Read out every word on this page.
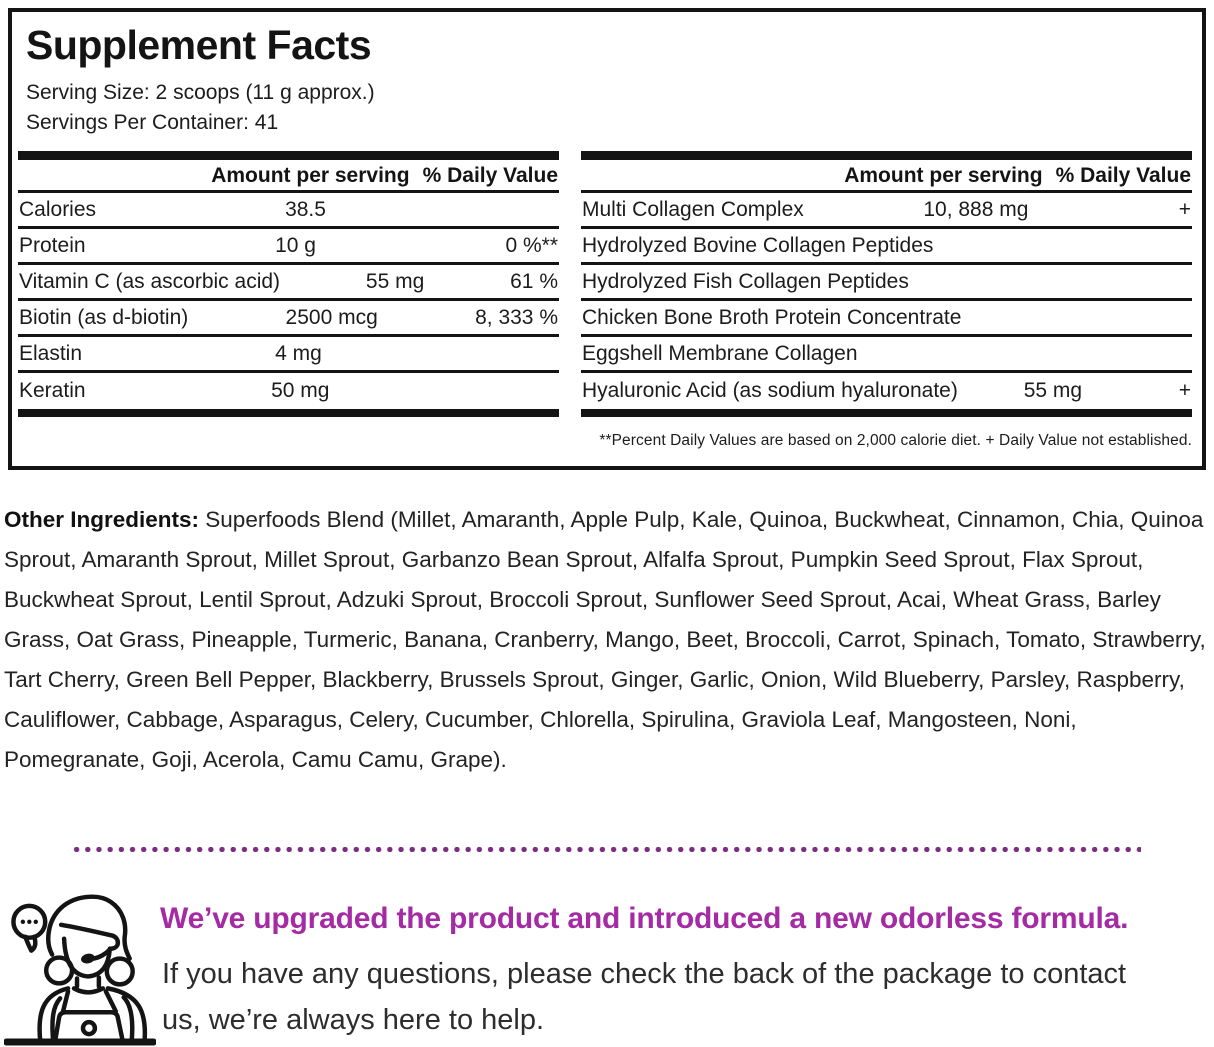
Supplement Facts
Serving Size: 2 scoops (11 g approx.)
Servings Per Container: 41
Amount per serving % Daily Value
Calories	38.5
Protein	10 g	0 %**
Vitamin C (as ascorbic acid)	55 mg	61 %
Biotin (as d-biotin)	2500 mcg	8, 333 %
Elastin	4 mg
Keratin	50 mg
Amount per serving % Daily Value
Multi Collagen Complex	10, 888 mg	+
Hydrolyzed Bovine Collagen Peptides
Hydrolyzed Fish Collagen Peptides
Chicken Bone Broth Protein Concentrate
Eggshell Membrane Collagen
Hyaluronic Acid (as sodium hyaluronate)	55 mg	+
**Percent Daily Values are based on 2,000 calorie diet. + Daily Value not established.

Other Ingredients: Superfoods Blend (Millet, Amaranth, Apple Pulp, Kale, Quinoa, Buckwheat, Cinnamon, Chia, Quinoa Sprout, Amaranth Sprout, Millet Sprout, Garbanzo Bean Sprout, Alfalfa Sprout, Pumpkin Seed Sprout, Flax Sprout, Buckwheat Sprout, Lentil Sprout, Adzuki Sprout, Broccoli Sprout, Sunflower Seed Sprout, Acai, Wheat Grass, Barley Grass, Oat Grass, Pineapple, Turmeric, Banana, Cranberry, Mango, Beet, Broccoli, Carrot, Spinach, Tomato, Strawberry, Tart Cherry, Green Bell Pepper, Blackberry, Brussels Sprout, Ginger, Garlic, Onion, Wild Blueberry, Parsley, Raspberry, Cauliflower, Cabbage, Asparagus, Celery, Cucumber, Chlorella, Spirulina, Graviola Leaf, Mangosteen, Noni, Pomegranate, Goji, Acerola, Camu Camu, Grape).

We’ve upgraded the product and introduced a new odorless formula.
If you have any questions, please check the back of the package to contact us, we’re always here to help.
